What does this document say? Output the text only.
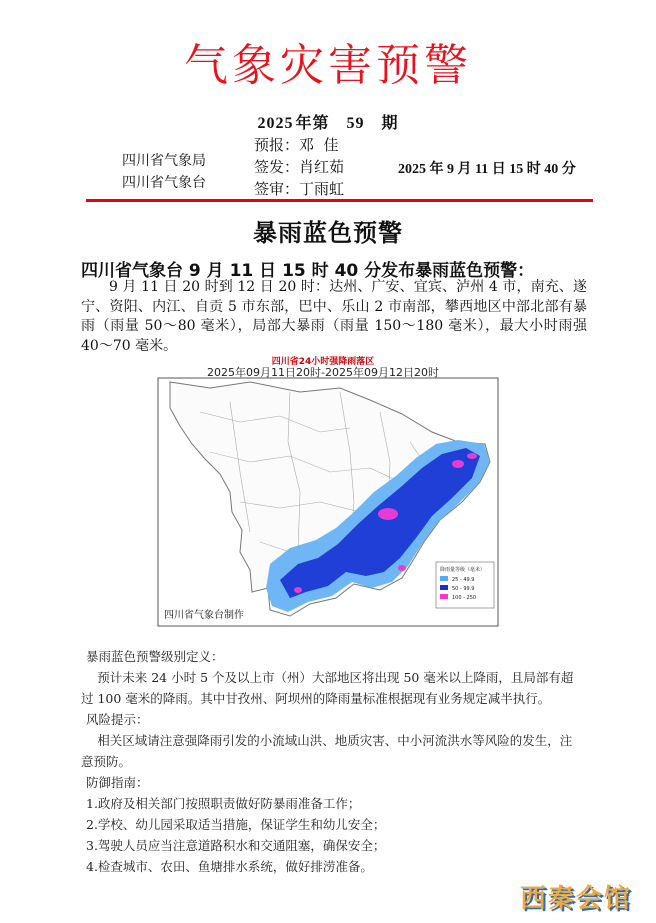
气象灾害预警
2025 年第 59 期
四川省气象局
四川省气象台
预报：邓  佳
签发：肖红茹
签审：丁雨虹
2025 年 9 月 11 日 15 时 40 分
暴雨蓝色预警
四川省气象台 9 月 11 日 15 时 40 分发布暴雨蓝色预警：
9 月 11 日 20 时到 12 日 20 时：达州、广安、宜宾、泸州 4 市，南充、遂宁、资阳、内江、自贡 5 市东部，巴中、乐山 2 市南部，攀西地区中部北部有暴雨（雨量 50～80 毫米），局部大暴雨（雨量 150～180 毫米），最大小时雨强 40～70 毫米。
四川省24小时强降雨落区
2025年09月11日20时-2025年09月12日20时
降雨量等级（毫米）
25 - 49.9
50 - 99.9
100 - 250
四川省气象台制作

暴雨蓝色预警级别定义：

预计未来 24 小时 5 个及以上市（州）大部地区将出现 50 毫米以上降雨，且局部有超过 100 毫米的降雨。其中甘孜州、阿坝州的降雨量标准根据现有业务规定减半执行。

风险提示：

相关区域请注意强降雨引发的小流域山洪、地质灾害、中小河流洪水等风险的发生，注意预防。

防御指南：

1.政府及相关部门按照职责做好防暴雨准备工作；

2.学校、幼儿园采取适当措施，保证学生和幼儿安全；

3.驾驶人员应当注意道路积水和交通阻塞，确保安全；

4.检查城市、农田、鱼塘排水系统，做好排涝准备。

西秦会馆
